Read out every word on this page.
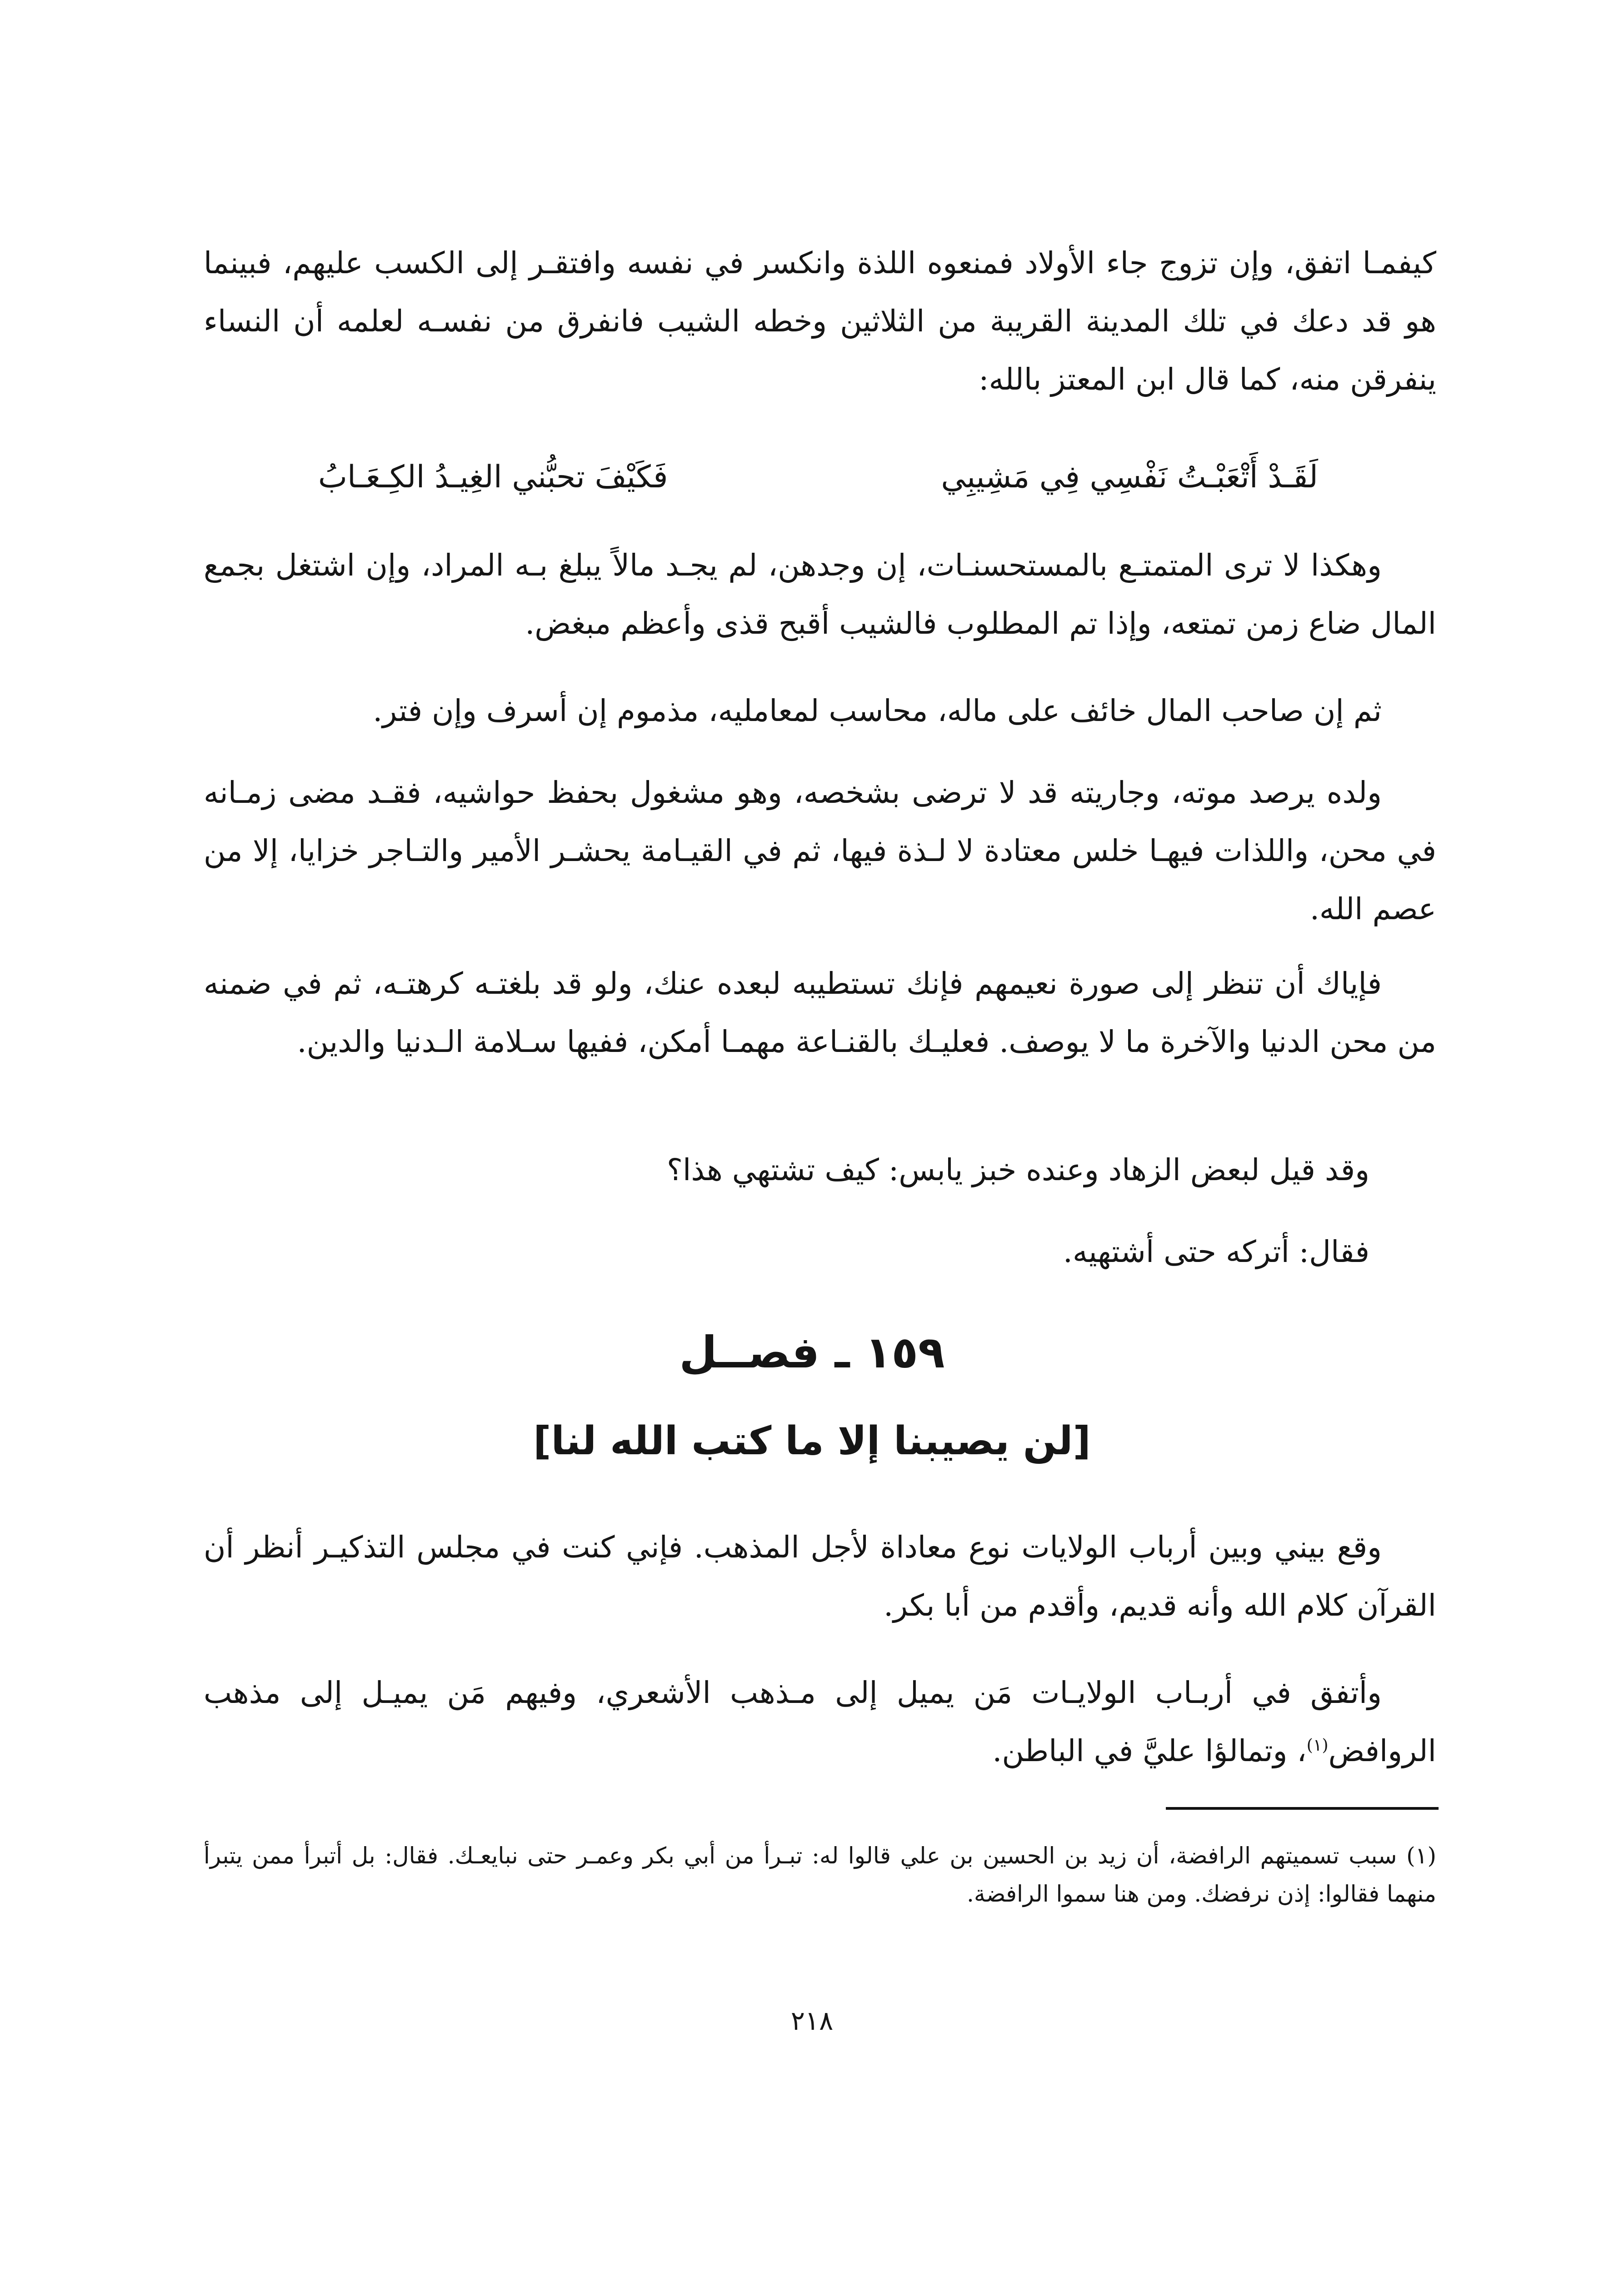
كيفمـا اتفق، وإن تزوج جاء الأولاد فمنعوه اللذة وانكسر في نفسه وافتقـر إلى الكسب عليهم، فبينما هو قد دعك في تلك المدينة القريبة من الثلاثين وخطه الشيب فانفرق من نفسـه لعلمه أن النساء ينفرقن منه، كما قال ابن المعتز بالله:

لَقَـدْ أَتْعَبْـتُ نَفْسِي فِي مَشِيبِي
فَكَيْفَ تحبُّني الغِيـدُ الكِـعَـابُ

وهكذا لا ترى المتمتـع بالمستحسنـات، إن وجدهن، لم يجـد مالاً يبلغ بـه المراد، وإن اشتغل بجمع المال ضاع زمن تمتعه، وإذا تم المطلوب فالشيب أقبح قذى وأعظم مبغض.

ثم إن صاحب المال خائف على ماله، محاسب لمعامليه، مذموم إن أسرف وإن فتر.

ولده يرصد موته، وجاريته قد لا ترضى بشخصه، وهو مشغول بحفظ حواشيه، فقـد مضى زمـانه في محن، واللذات فيهـا خلس معتادة لا لـذة فيها، ثم في القيـامة يحشـر الأمير والتـاجر خزايا، إلا من عصم الله.

فإياك أن تنظر إلى صورة نعيمهم فإنك تستطيبه لبعده عنك، ولو قد بلغتـه كرهتـه، ثم في ضمنه من محن الدنيا والآخرة ما لا يوصف. فعليـك بالقنـاعة مهمـا أمكن، ففيها سـلامة الـدنيا والدين.

وقد قيل لبعض الزهاد وعنده خبز يابس: كيف تشتهي هذا؟
فقال: أتركه حتى أشتهيه.
١٥٩ ـ فصــل
[لن يصيبنا إلا ما كتب الله لنا]

وقع بيني وبين أرباب الولايات نوع معاداة لأجل المذهب. فإني كنت في مجلس التذكيـر أنظر أن القرآن كلام الله وأنه قديم، وأقدم من أبا بكر.

وأتفق في أربـاب الولايـات مَن يميل إلى مـذهب الأشعري، وفيهم مَن يميـل إلى مذهب الروافض$^{(١)}$، وتمالؤا عليَّ في الباطن.

(١) سبب تسميتهم الرافضة، أن زيد بن الحسين بن علي قالوا له: تبـرأ من أبي بكر وعمـر حتى نبايعـك. فقال: بل أتبرأ ممن يتبرأ منهما فقالوا: إذن نرفضك. ومن هنا سموا الرافضة.

٢١٨
